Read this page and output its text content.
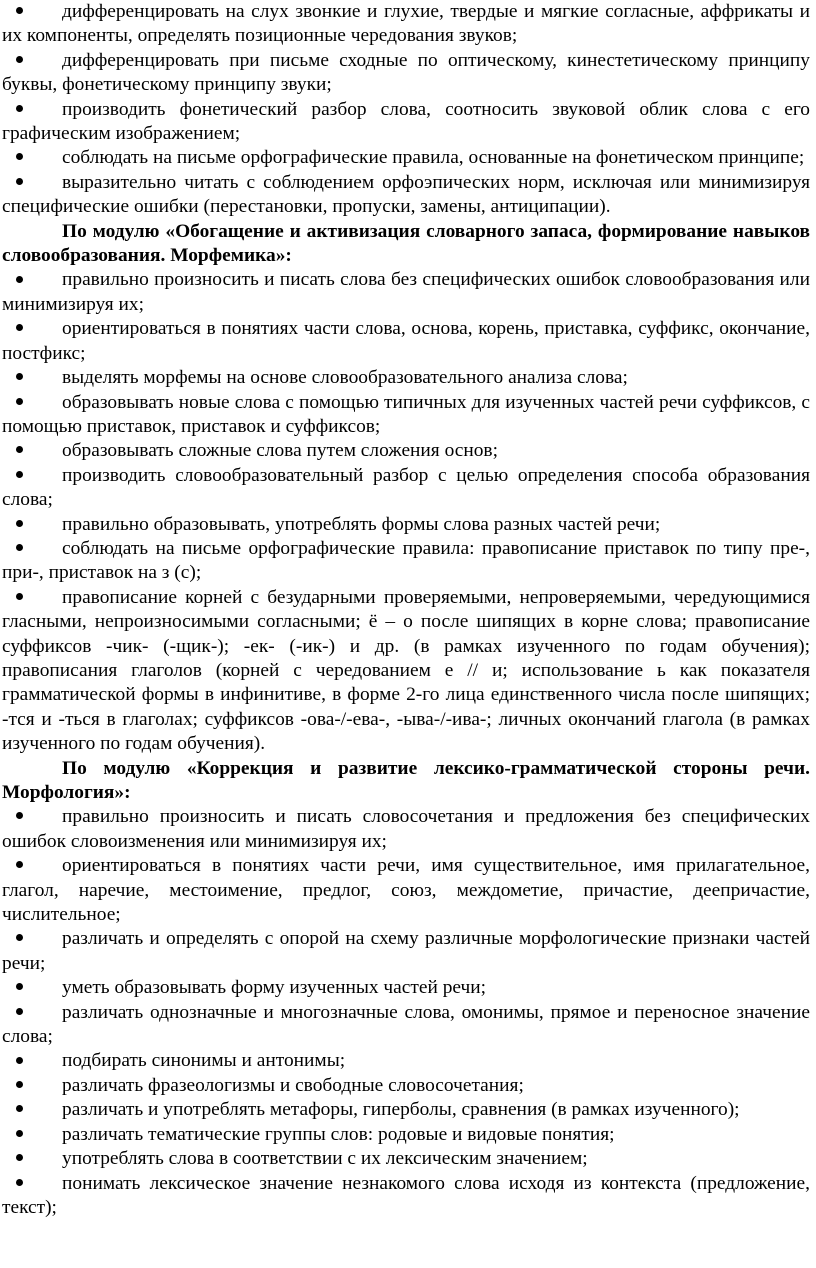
дифференцировать на слух звонкие и глухие, твердые и мягкие согласные, аффрикаты и их компоненты, определять позиционные чередования звуков;

дифференцировать при письме сходные по оптическому, кинестетическому принципу буквы, фонетическому принципу звуки;

производить фонетический разбор слова, соотносить звуковой облик слова с его графическим изображением;

соблюдать на письме орфографические правила, основанные на фонетическом принципе;

выразительно читать с соблюдением орфоэпических норм, исключая или минимизируя специфические ошибки (перестановки, пропуски, замены, антиципации).

По модулю «Обогащение и активизация словарного запаса, формирование навыков словообразования. Морфемика»:

правильно произносить и писать слова без специфических ошибок словообразования или минимизируя их;

ориентироваться в понятиях части слова, основа, корень, приставка, суффикс, окончание, постфикс;

выделять морфемы на основе словообразовательного анализа слова;

образовывать новые слова с помощью типичных для изученных частей речи суффиксов, с помощью приставок, приставок и суффиксов;

образовывать сложные слова путем сложения основ;

производить словообразовательный разбор с целью определения способа образования слова;

правильно образовывать, употреблять формы слова разных частей речи;

соблюдать на письме орфографические правила: правописание приставок по типу пре-, при-, приставок на з (с);

правописание корней с безударными проверяемыми, непроверяемыми, чередующимися гласными, непроизносимыми согласными; ё – о после шипящих в корне слова; правописание суффиксов -чик- (-щик-); -ек- (-ик-) и др. (в рамках изученного по годам обучения); правописания глаголов (корней с чередованием е // и; использование ь как показателя грамматической формы в инфинитиве, в форме 2-го лица единственного числа после шипящих; -тся и -ться в глаголах; суффиксов -ова-/-ева-, -ыва-/-ива-; личных окончаний глагола (в рамках изученного по годам обучения).

По модулю «Коррекция и развитие лексико-грамматической стороны речи. Морфология»:

правильно произносить и писать словосочетания и предложения без специфических ошибок словоизменения или минимизируя их;

ориентироваться в понятиях части речи, имя существительное, имя прилагательное, глагол, наречие, местоимение, предлог, союз, междометие, причастие, деепричастие, числительное;

различать и определять с опорой на схему различные морфологические признаки частей речи;

уметь образовывать форму изученных частей речи;

различать однозначные и многозначные слова, омонимы, прямое и переносное значение слова;

подбирать синонимы и антонимы;

различать фразеологизмы и свободные словосочетания;

различать и употреблять метафоры, гиперболы, сравнения (в рамках изученного);

различать тематические группы слов: родовые и видовые понятия;

употреблять слова в соответствии с их лексическим значением;

понимать лексическое значение незнакомого слова исходя из контекста (предложение, текст);
